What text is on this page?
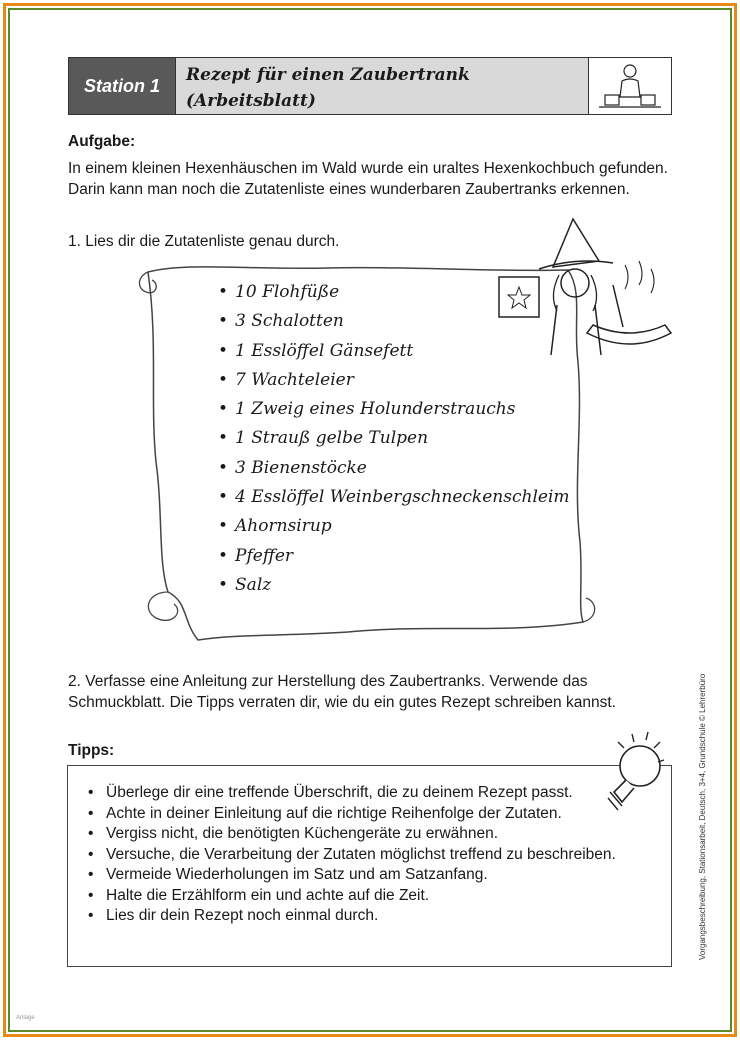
Station 1
Rezept für einen Zaubertrank
(Arbeitsblatt)
Aufgabe:
In einem kleinen Hexenhäuschen im Wald wurde ein uraltes Hexenkochbuch gefunden. Darin kann man noch die Zutatenliste eines wunderbaren Zaubertranks erkennen.
1. Lies dir die Zutatenliste genau durch.
• 10 Flohfüße
• 3 Schalotten
• 1 Esslöffel Gänsefett
• 7 Wachteleier
• 1 Zweig eines Holunderstrauchs
• 1 Strauß gelbe Tulpen
• 3 Bienenstöcke
• 4 Esslöffel Weinbergschneckenschleim
• Ahornsirup
• Pfeffer
• Salz
2. Verfasse eine Anleitung zur Herstellung des Zaubertranks. Verwende das Schmuckblatt. Die Tipps verraten dir, wie du ein gutes Rezept schreiben kannst.
Tipps:
• Überlege dir eine treffende Überschrift, die zu deinem Rezept passt.
• Achte in deiner Einleitung auf die richtige Reihenfolge der Zutaten.
• Vergiss nicht, die benötigten Küchengeräte zu erwähnen.
• Versuche, die Verarbeitung der Zutaten möglichst treffend zu beschreiben.
• Vermeide Wiederholungen im Satz und am Satzanfang.
• Halte die Erzählform ein und achte auf die Zeit.
• Lies dir dein Rezept noch einmal durch.	Vorgangsbeschreibung, Stationsarbeit, Deutsch, 3+4, Grundschule © Lehrerbüro
Anlage
